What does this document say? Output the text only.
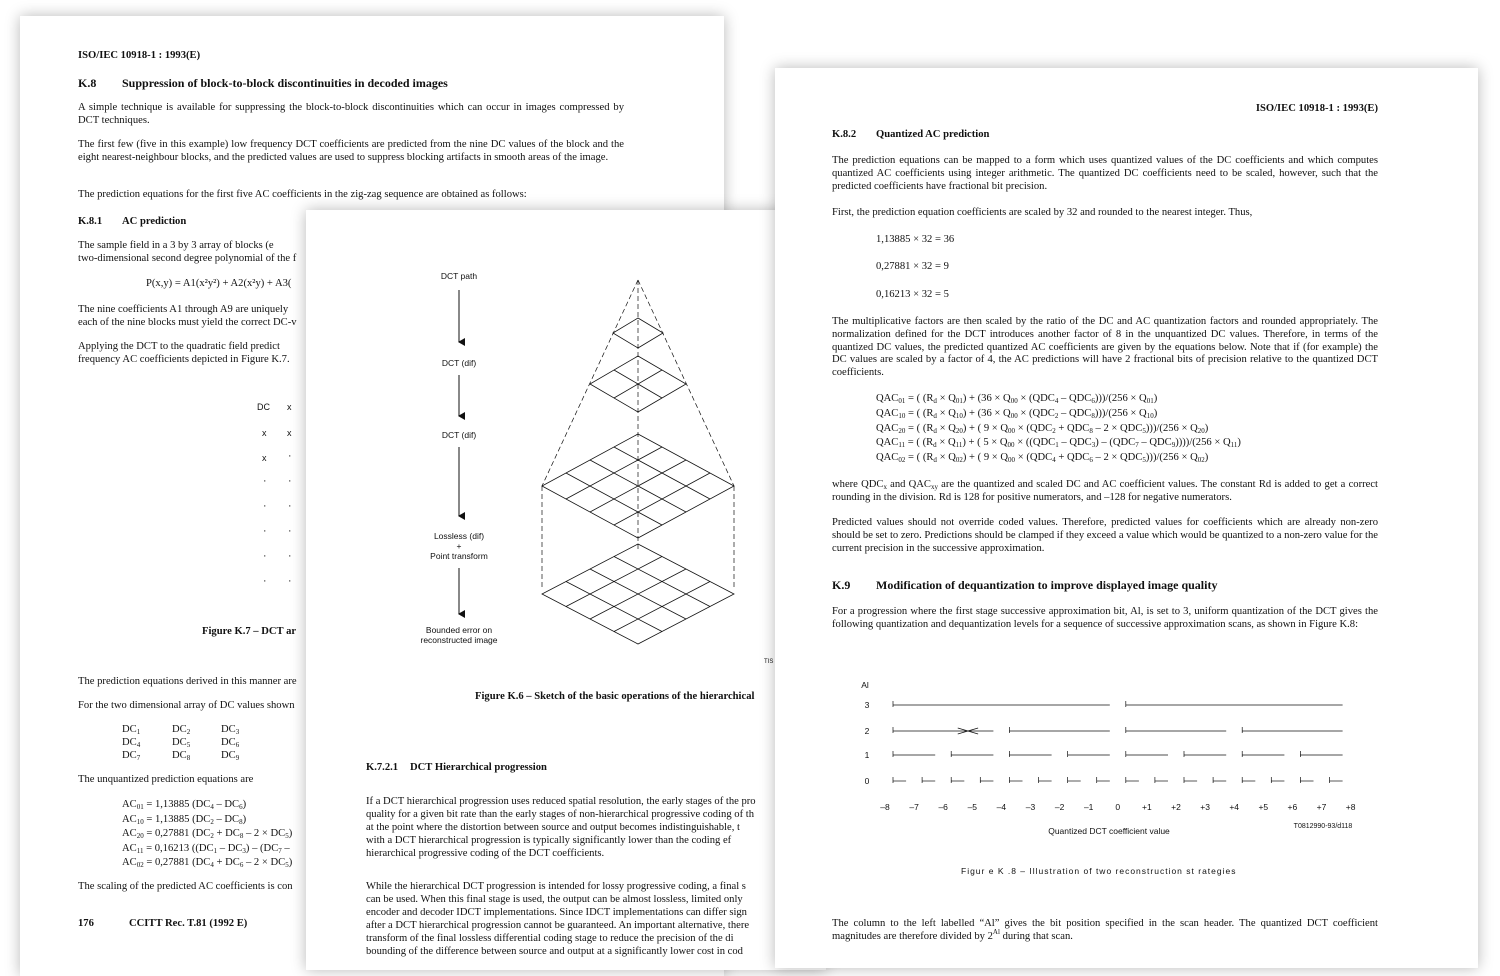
ISO/IEC 10918-1 : 1993(E)
K.8 Suppression of block-to-block discontinuities in decoded images
A simple technique is available for suppressing the block-to-block discontinuities which can occur in images compressed by DCT techniques.
The first few (five in this example) low frequency DCT coefficients are predicted from the nine DC values of the block and the eight nearest-neighbour blocks, and the predicted values are used to suppress blocking artifacts in smooth areas of the image.
The prediction equations for the first five AC coefficients in the zig-zag sequence are obtained as follows:
K.8.1 AC prediction
The sample field in a 3 by 3 array of blocks (e
two-dimensional second degree polynomial of the f
P(x,y) = A1(x²y²) + A2(x²y) + A3(
The nine coefficients A1 through A9 are uniquely
each of the nine blocks must yield the correct DC-v
Applying the DCT to the quadratic field predict
frequency AC coefficients depicted in Figure K.7.
DC x
x x
x ·
· ·
· ·
· ·
· ·
· ·
Figure K.7 – DCT ar
The prediction equations derived in this manner are
For the two dimensional array of DC values shown
$DC_1$	$DC_2$	$DC_3$
$DC_4$	$DC_5$	$DC_6$
$DC_7$	$DC_8$	$DC_9$
The unquantized prediction equations are
$AC_{01} = 1,13885$ $(DC_4 - DC_6)$
$AC_{10} = 1,13885$ $(DC_2 - DC_8)$
$AC_{20} = 0,27881$ $(DC_2 + DC_8 - 2 \times DC_5)$
$AC_{11} = 0,16213$ ($(DC_1 - DC_3) - (DC_7$ –
$AC_{02} = 0,27881$ $(DC_4 + DC_6 - 2 \times DC_5)$
The scaling of the predicted AC coefficients is con
176	CCITT Rec. T.81 (1992 E)
DCT path
DCT (dif)
DCT (dif)
Lossless (dif)
+
Point transform
Bounded error on
reconstructed image
TIS
Figure K.6 – Sketch of the basic operations of the hierarchical
K.7.2.1 DCT Hierarchical progression
If a DCT hierarchical progression uses reduced spatial resolution, the early stages of the pro
quality for a given bit rate than the early stages of non-hierarchical progressive coding of th
at the point where the distortion between source and output becomes indistinguishable, t
with a DCT hierarchical progression is typically significantly lower than the coding ef
hierarchical progressive coding of the DCT coefficients.
While the hierarchical DCT progression is intended for lossy progressive coding, a final s
can be used. When this final stage is used, the output can be almost lossless, limited only
encoder and decoder IDCT implementations. Since IDCT implementations can differ sign
after a DCT hierarchical progression cannot be guaranteed. An important alternative, there
transform of the final lossless differential coding stage to reduce the precision of the di
bounding of the difference between source and output at a significantly lower cost in cod
ISO/IEC 10918-1 : 1993(E)
K.8.2 Quantized AC prediction
The prediction equations can be mapped to a form which uses quantized values of the DC coefficients and which computes quantized AC coefficients using integer arithmetic. The quantized DC coefficients need to be scaled, however, such that the predicted coefficients have fractional bit precision.
First, the prediction equation coefficients are scaled by 32 and rounded to the nearest integer. Thus,
1,13885 × 32 = 36
0,27881 × 32 = 9
0,16213 × 32 = 5
The multiplicative factors are then scaled by the ratio of the DC and AC quantization factors and rounded appropriately. The normalization defined for the DCT introduces another factor of 8 in the unquantized DC values. Therefore, in terms of the quantized DC values, the predicted quantized AC coefficients are given by the equations below. Note that if (for example) the DC values are scaled by a factor of 4, the AC predictions will have 2 fractional bits of precision relative to the quantized DCT coefficients.
$QAC_{01}$ = ( $(R_d \times Q_{01}) + (36 \times Q_{00} \times (QDC_4 - QDC_6)))/(256 \times Q_{01})$
$QAC_{10}$ = ( $(R_d \times Q_{10}) + (36 \times Q_{00} \times (QDC_2 - QDC_8)))/(256 \times Q_{10})$
$QAC_{20}$ = ( $(R_d \times Q_{20})$ + ( $9 \times Q_{00} \times (QDC_2 + QDC_8 - 2 \times QDC_5)))/(256 \times Q_{20})$
$QAC_{11}$ = ( $(R_d \times Q_{11})$ + ( $5 \times Q_{00} \times ((QDC_1 - QDC_3) - (QDC_7 - QDC_9))))/(256 \times Q_{11})$
$QAC_{02}$ = ( $(R_d \times Q_{02})$ + ( $9 \times Q_{00} \times (QDC_4 + QDC_6 - 2 \times QDC_5)))/(256 \times Q_{02})$
where $QDC_x$ and $QAC_{xy}$ are the quantized and scaled DC and AC coefficient values. The constant Rd is added to get a correct rounding in the division. Rd is 128 for positive numerators, and –128 for negative numerators.
Predicted values should not override coded values. Therefore, predicted values for coefficients which are already non-zero should be set to zero. Predictions should be clamped if they exceed a value which would be quantized to a non-zero value for the current precision in the successive approximation.
K.9 Modification of dequantization to improve displayed image quality
For a progression where the first stage successive approximation bit, Al, is set to 3, uniform quantization of the DCT gives the following quantization and dequantization levels for a sequence of successive approximation scans, as shown in Figure K.8:
Al
3
2
1
0
–8 –7 –6 –5 –4 –3 –2 –1	0	+1 +2 +3 +4 +5 +6 +7 +8
Quantized DCT coefficient value	T0812990-93/d118
Figur e K .8 – Illustration of two reconstruction st rategies
The column to the left labelled “Al” gives the bit position specified in the scan header. The quantized DCT coefficient magnitudes are therefore divided by $2^{Al}$ during that scan.
